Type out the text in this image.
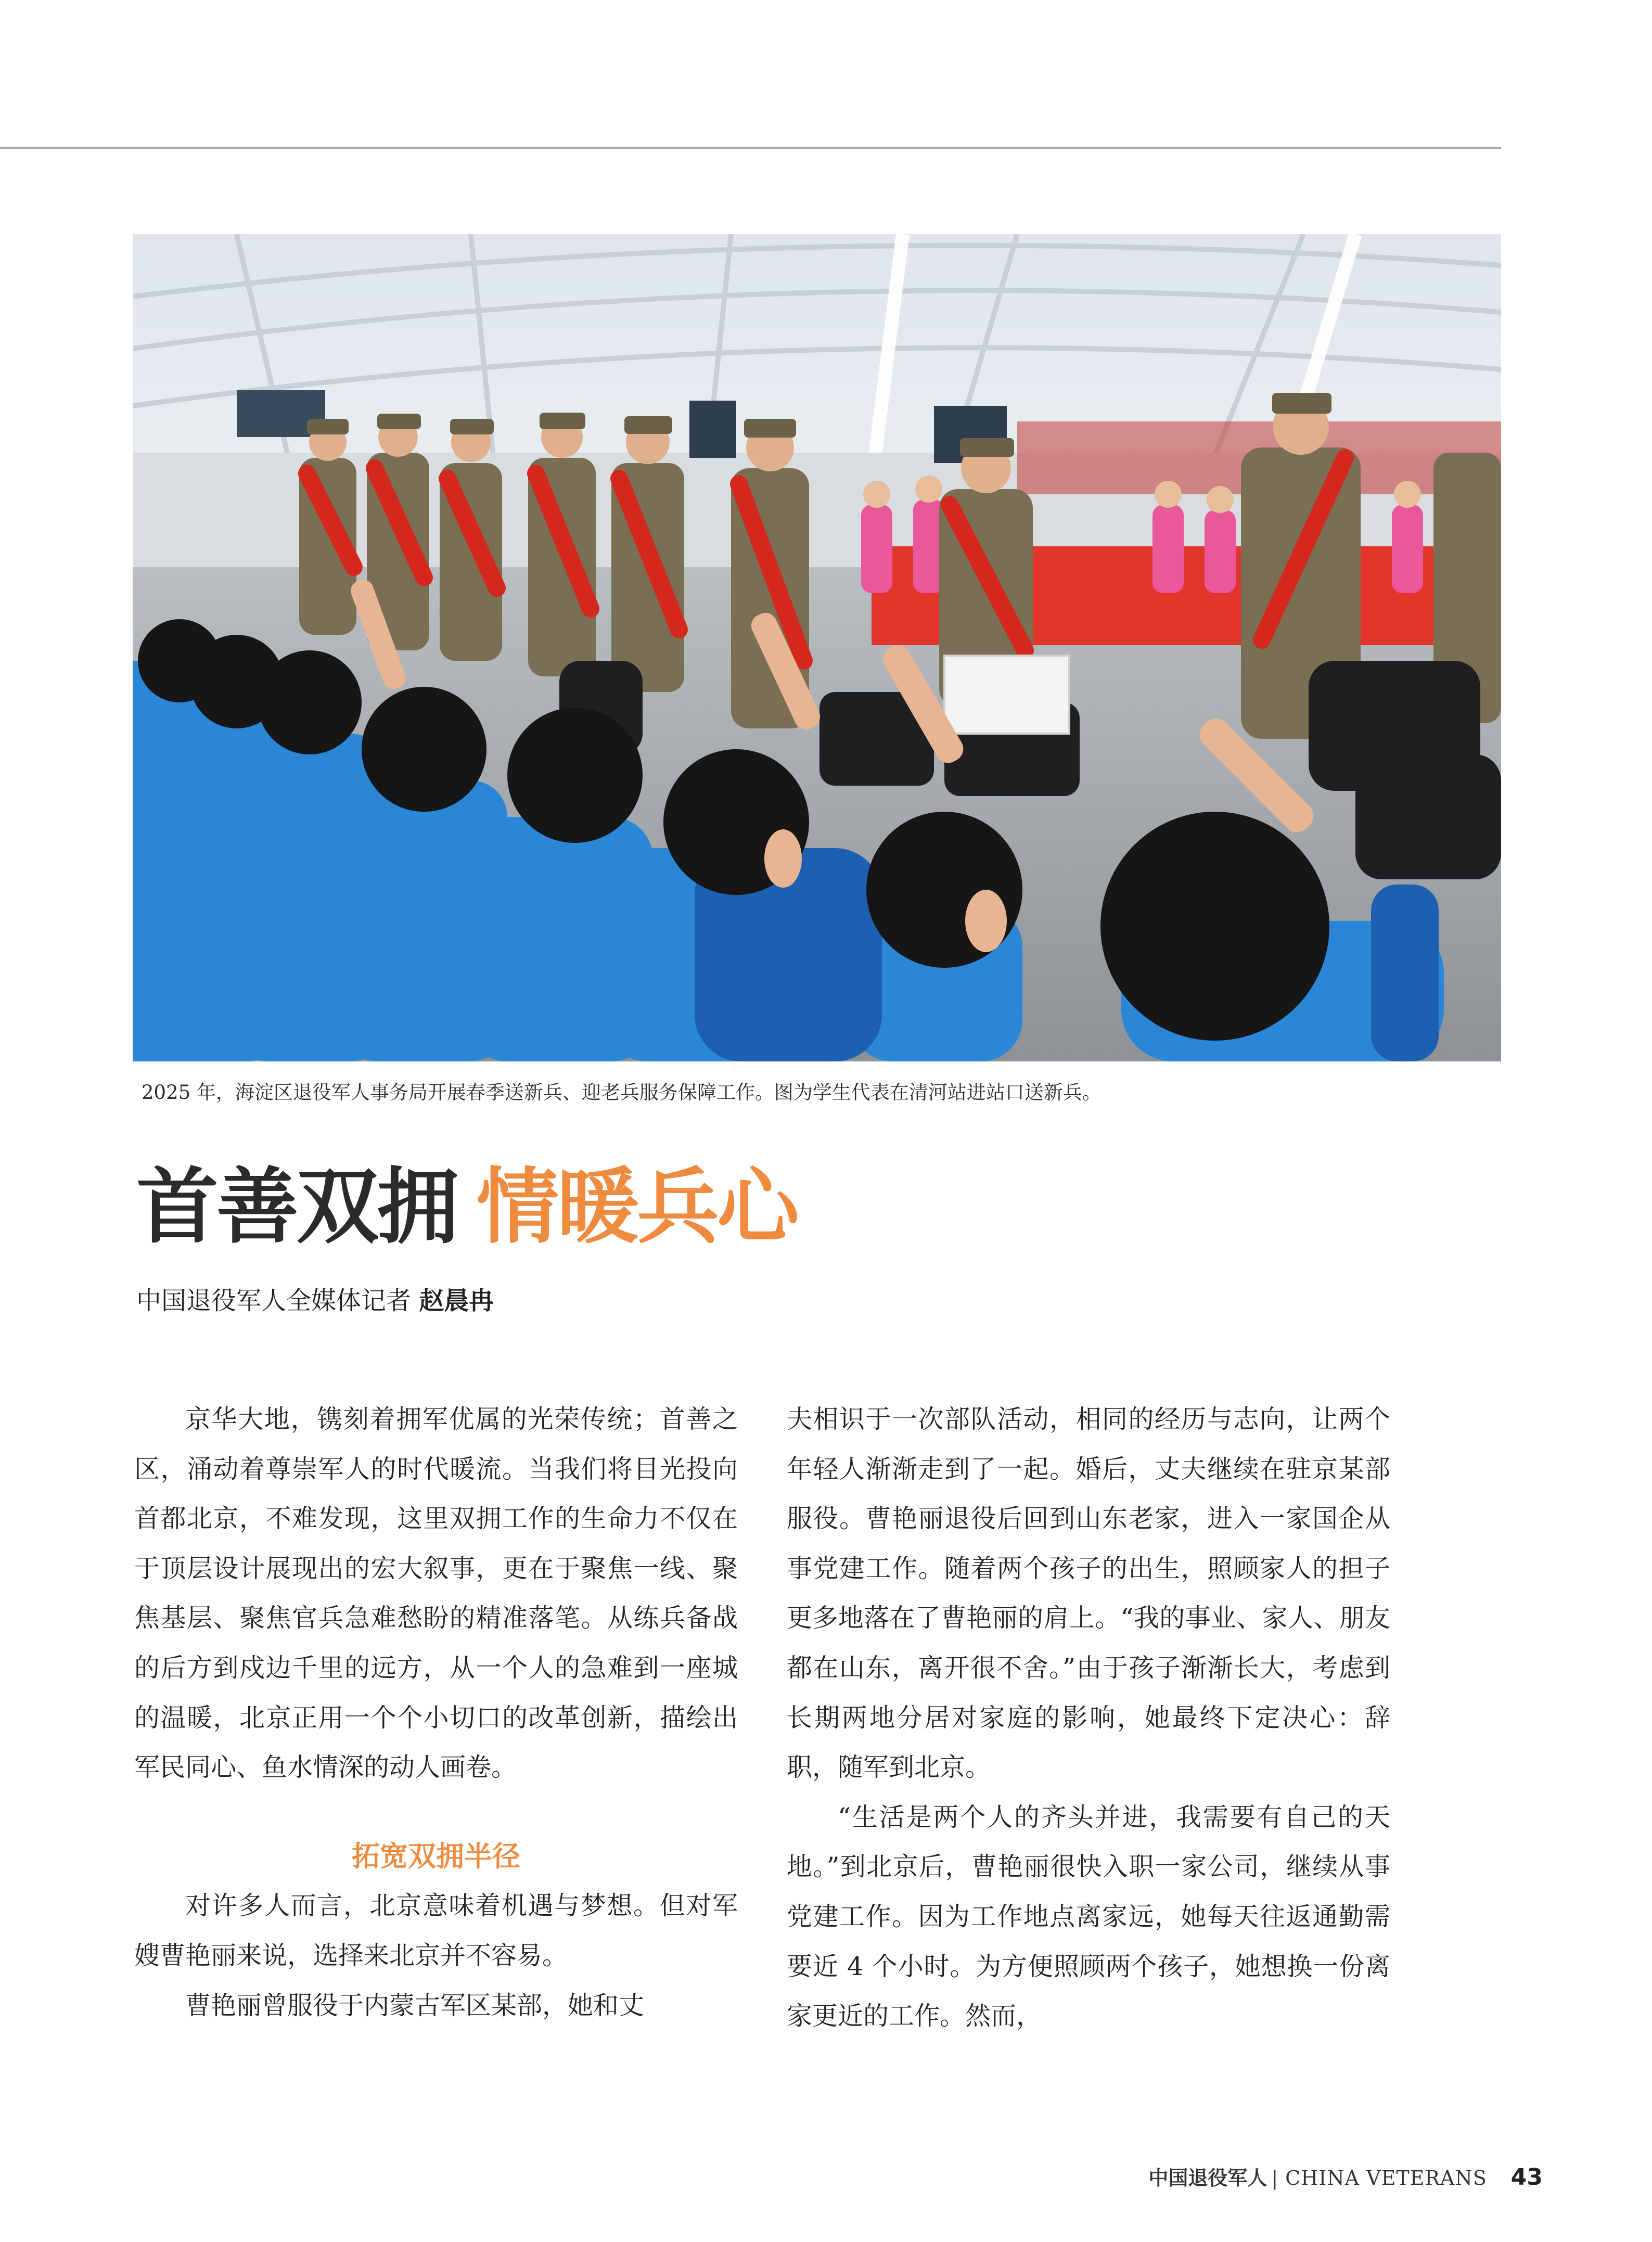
2025 年，海淀区退役军人事务局开展春季送新兵、迎老兵服务保障工作。图为学生代表在清河站进站口送新兵。
首善双拥 情暖兵心
中国退役军人全媒体记者 赵晨冉

京华大地，镌刻着拥军优属的光荣传统；首善之区，涌动着尊崇军人的时代暖流。当我们将目光投向首都北京，不难发现，这里双拥工作的生命力不仅在于顶层设计展现出的宏大叙事，更在于聚焦一线、聚焦基层、聚焦官兵急难愁盼的精准落笔。从练兵备战的后方到戍边千里的远方，从一个人的急难到一座城的温暖，北京正用一个个小切口的改革创新，描绘出军民同心、鱼水情深的动人画卷。

拓宽双拥半径

对许多人而言，北京意味着机遇与梦想。但对军嫂曹艳丽来说，选择来北京并不容易。

曹艳丽曾服役于内蒙古军区某部，她和丈

夫相识于一次部队活动，相同的经历与志向，让两个年轻人渐渐走到了一起。婚后，丈夫继续在驻京某部服役。曹艳丽退役后回到山东老家，进入一家国企从事党建工作。随着两个孩子的出生，照顾家人的担子更多地落在了曹艳丽的肩上。“我的事业、家人、朋友都在山东，离开很不舍。”由于孩子渐渐长大，考虑到长期两地分居对家庭的影响，她最终下定决心：辞职，随军到北京。

“生活是两个人的齐头并进，我需要有自己的天地。”到北京后，曹艳丽很快入职一家公司，继续从事党建工作。因为工作地点离家远，她每天往返通勤需要近 4 个小时。为方便照顾两个孩子，她想换一份离家更近的工作。然而，

中国退役军人 | CHINA VETERANS 43
